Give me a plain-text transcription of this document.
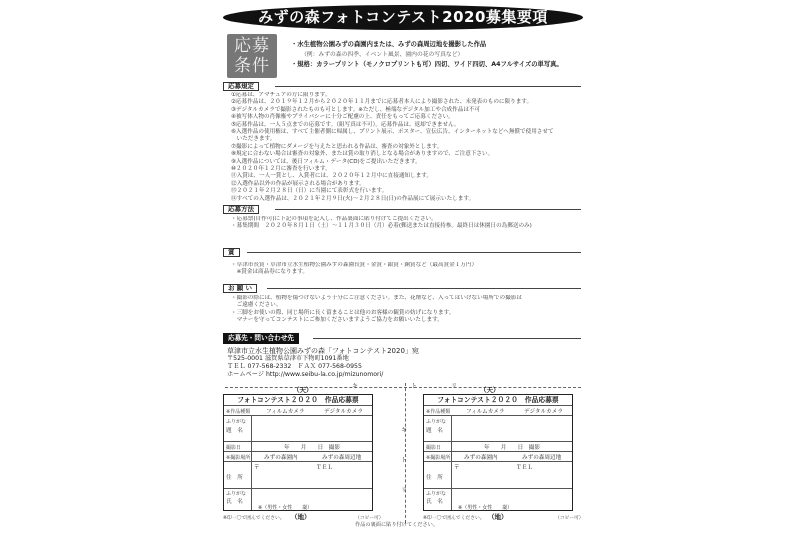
みずの森フォトコンテスト2020募集要項
応募
条件
・水生植物公園みずの森園内または、みずの森周辺地を撮影した作品
（例：みずの森の四季、イベント風景、園内の花の写真など）
・規格：カラープリント（モノクロプリントも可）四切、ワイド四切、A4フルサイズの単写真。
応募規定
①応募は、アマチュアの方に限ります。
②応募作品は、２０１９年１２月から２０２０年１１月までに応募者本人により撮影された、未発表のものに限ります。
③デジタルカメラで撮影されたものも可とします。※ただし、極端なデジタル加工や合成作品は不可
④被写体人物の肖像権やプライバシーに十分ご配慮の上、責任をもってご応募ください。
⑤応募作品は、一人５点までの応募です。（組写真は不可）。応募作品は、返却できません。
⑥入選作品の使用権は、すべて主催者側に帰属し、プリント展示、ポスター、宣伝広告、インターネットなどへ無償で使用させて
　いただきます。
⑦撮影によって植物にダメージを与えたと思われる作品は、審査の対象外とします。
⑧規定に合わない場合は審査の対象外、または賞の取り消しとなる場合がありますので、ご注意下さい。
⑨入選作品については、後日フィルム・データ(CD)をご提出いただきます。
⑩２０２０年１２月に審査を行います。
⑪入賞は、一人一賞とし、入賞者には、２０２０年１２月中に直接通知します。
⑫入選作品以外の作品が展示される場合があります。
⑬２０２１年２月２８日（日）に当園にて表彰式を行います。
⑭すべての入選作品は、２０２１年２月９日(火)〜２月２８日(日)の作品展にて展示いたします。
応募方法
・応募票(自作可)に下記の事項を記入し、作品裏面に貼り付けてご提出ください。
・募集期間　２０２０年８月１日（土）〜１１月３０日（月）必着(郵送または直接持参。最終日は休園日の為郵送のみ)
賞
・草津市長賞・草津市立水生植物公園みずの森園長賞・金賞・銀賞・銅賞など（最高賞金１万円）
　※賞金は商品券になります。
お 願 い
・撮影の際には、植物を傷つけないよう十分にご注意ください。また、花壇など、入ってはいけない場所での撮影は
　ご遠慮ください。
・三脚をお使いの際、同じ場所に長く留まることは他のお客様の観賞の妨げになります。
　マナーを守ってコンテストにご参加くださいますようご協力をお願いいたします。
応募先・問い合わせ先
草津市立水生植物公園みずの森「フォトコンテスト2020」宛
〒525-0001 滋賀県草津市下物町1091番地
ＴＥＬ 077-568-2332　ＦＡＸ 077-568-0955
ホームページ http://www.seibu-la.co.jp/mizunomori/
キ	リ
キ
ト
リ
ト
（天）
フォトコンテスト２０２０　作品応募票
※作品種類	フィルムカメラ	デジタルカメラ
ふりがな
題　名
撮影日	年　　月　　日　撮影
※撮影場所 みずの森園内	みずの森周辺地
〒	ＴＥＬ
住　所
ふりがな
氏　名
※（男性・女性　　歳）
※印一〇で囲んでください。 （地）	（コピー可）
（天）
フォトコンテスト２０２０　作品応募票
※作品種類	フィルムカメラ	デジタルカメラ
ふりがな
題　名
撮影日	年　　月　　日　撮影
※撮影場所 みずの森園内	みずの森周辺地
〒	ＴＥＬ
住　所
ふりがな
氏　名
※（男性・女性　　歳）
※印一〇で囲んでください。 （地）	（コピー可）
作品の裏面に貼り付けてください。
